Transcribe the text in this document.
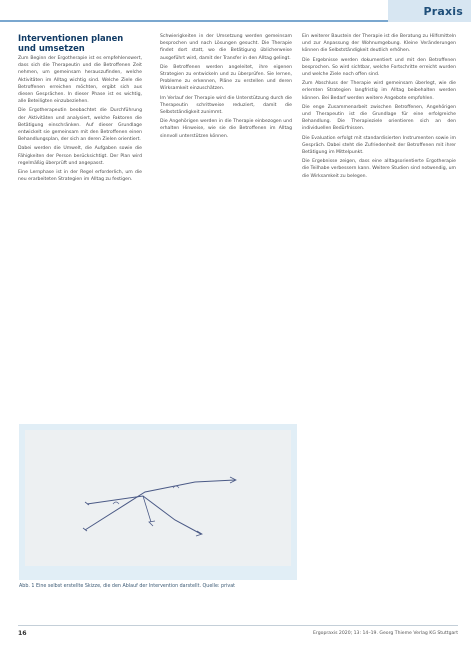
Praxis
Interventionen planen und umsetzen

Zum Beginn der Ergotherapie ist es empfehlenswert, dass sich die Therapeutin und die Betroffenen Zeit nehmen, um gemeinsam herauszufinden, welche Aktivitäten im Alltag wichtig sind. Welche Ziele die Betroffenen erreichen möchten, ergibt sich aus diesen Gesprächen. In dieser Phase ist es wichtig, alle Beteiligten einzubeziehen.

Die Ergotherapeutin beobachtet die Durchführung der Aktivitäten und analysiert, welche Faktoren die Betätigung einschränken. Auf dieser Grundlage entwickelt sie gemeinsam mit den Betroffenen einen Behandlungsplan, der sich an deren Zielen orientiert.

Dabei werden die Umwelt, die Aufgaben sowie die Fähigkeiten der Person berücksichtigt. Der Plan wird regelmäßig überprüft und angepasst.

Eine Lernphase ist in der Regel erforderlich, um die neu erarbeiteten Strategien im Alltag zu festigen.

Schwierigkeiten in der Umsetzung werden gemeinsam besprochen und nach Lösungen gesucht. Die Therapie findet dort statt, wo die Betätigung üblicherweise ausgeführt wird, damit der Transfer in den Alltag gelingt.

Die Betroffenen werden angeleitet, ihre eigenen Strategien zu entwickeln und zu überprüfen. Sie lernen, Probleme zu erkennen, Pläne zu erstellen und deren Wirksamkeit einzuschätzen.

Im Verlauf der Therapie wird die Unterstützung durch die Therapeutin schrittweise reduziert, damit die Selbstständigkeit zunimmt.

Die Angehörigen werden in die Therapie einbezogen und erhalten Hinweise, wie sie die Betroffenen im Alltag sinnvoll unterstützen können.

Ein weiterer Baustein der Therapie ist die Beratung zu Hilfsmitteln und zur Anpassung der Wohnumgebung. Kleine Veränderungen können die Selbstständigkeit deutlich erhöhen.

Die Ergebnisse werden dokumentiert und mit den Betroffenen besprochen. So wird sichtbar, welche Fortschritte erreicht wurden und welche Ziele noch offen sind.

Zum Abschluss der Therapie wird gemeinsam überlegt, wie die erlernten Strategien langfristig im Alltag beibehalten werden können. Bei Bedarf werden weitere Angebote empfohlen.

Die enge Zusammenarbeit zwischen Betroffenen, Angehörigen und Therapeutin ist die Grundlage für eine erfolgreiche Behandlung. Die Therapieziele orientieren sich an den individuellen Bedürfnissen.

Die Evaluation erfolgt mit standardisierten Instrumenten sowie im Gespräch. Dabei steht die Zufriedenheit der Betroffenen mit ihrer Betätigung im Mittelpunkt.

Die Ergebnisse zeigen, dass eine alltagsorientierte Ergotherapie die Teilhabe verbessern kann. Weitere Studien sind notwendig, um die Wirksamkeit zu belegen.

Abb. 1 Eine selbst erstellte Skizze, die den Ablauf der Intervention darstellt. Quelle: privat
16	Ergopraxis 2020; 13: 14–19. Georg Thieme Verlag KG Stuttgart
